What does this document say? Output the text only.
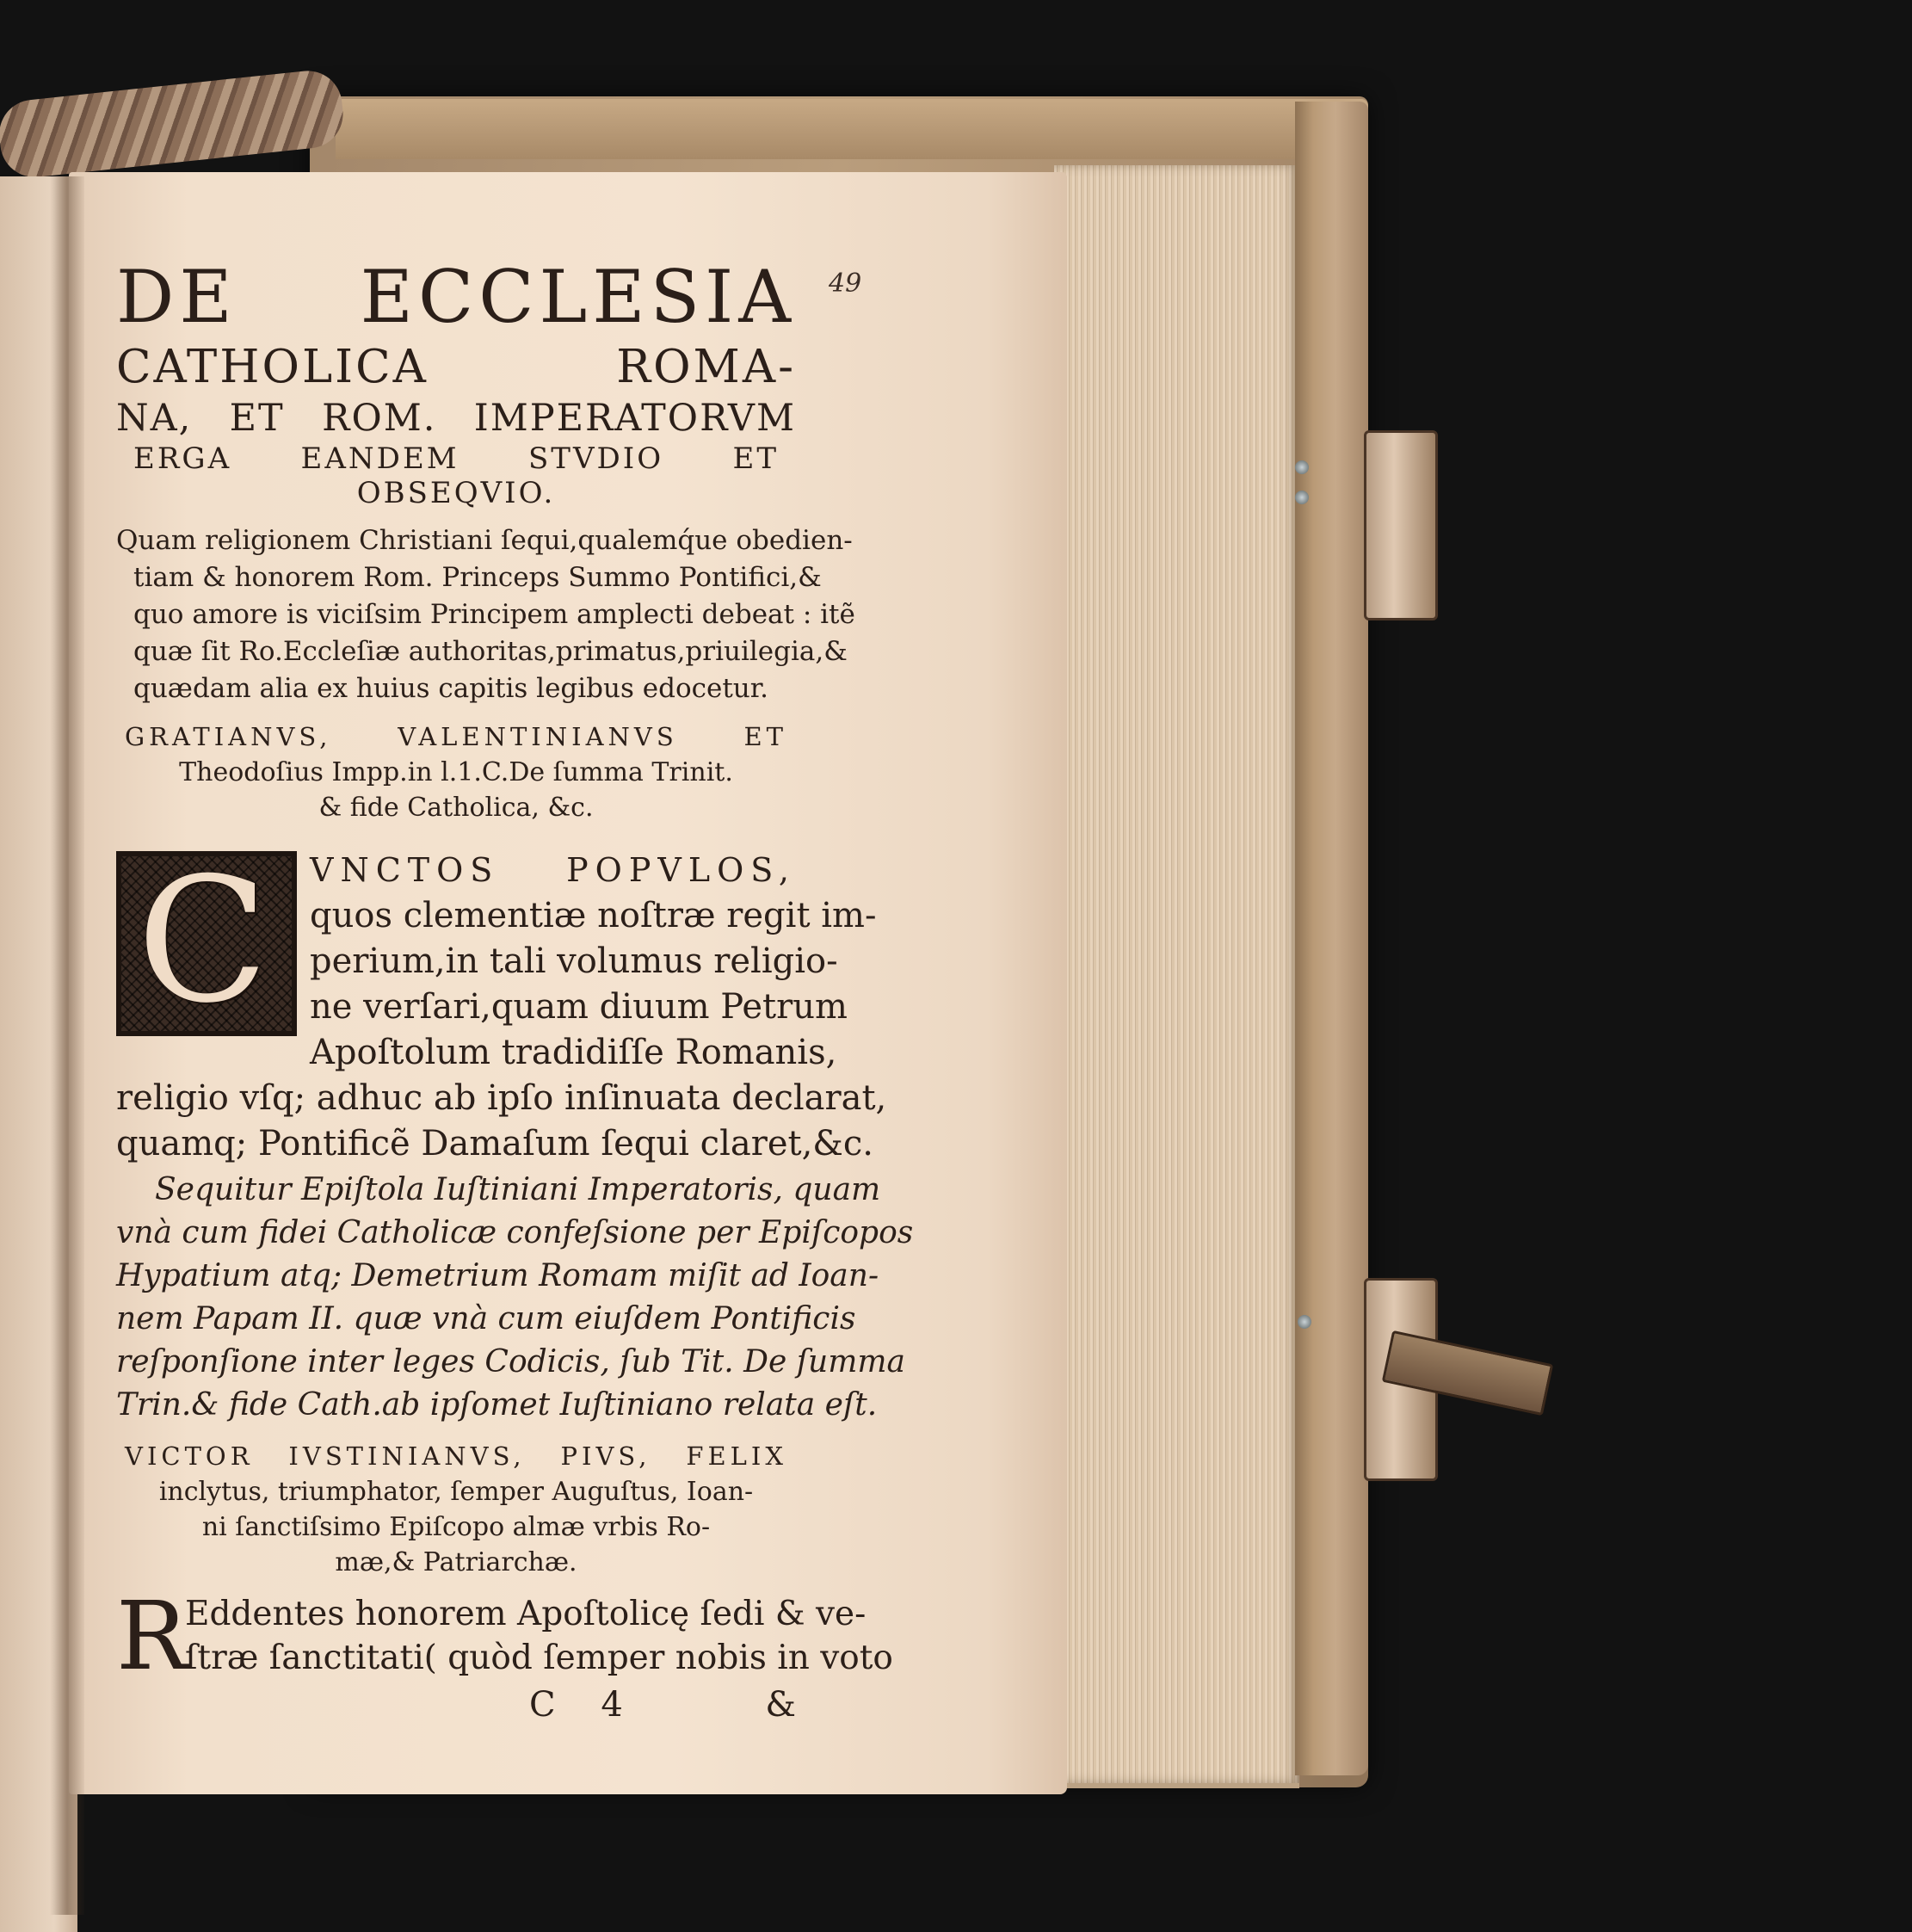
49
DE ECCLESIA
CATHOLICA ROMA-
NA, ET ROM. IMPERATORVM
ERGA EANDEM STVDIO ET
OBSEQVIO.
Quam religionem Christiani ſequi,qualemq́ue obedien-
tiam & honorem Rom. Princeps Summo Pontifici,&
quo amore is viciſsim Principem amplecti debeat : itẽ
quæ ſit Ro.Eccleſiæ authoritas,primatus,priuilegia,&
quædam alia ex huius capitis legibus edocetur.
GRATIANVS, VALENTINIANVS ET
Theodoſius Impp.in l.1.C.De ſumma Trinit.
& fide Catholica, &c.
C	VNCTOS POPVLOS,
quos clementiæ noſtræ regit im-
perium,in tali volumus religio-
ne verſari,quam diuum Petrum
Apoſtolum tradidiſſe Romanis,
religio vſq; adhuc ab ipſo inſinuata declarat,
quamq; Pontificẽ Damaſum ſequi claret,&c.
Sequitur Epiſtola Iuſtiniani Imperatoris, quam
vnà cum fidei Catholicæ confeſsione per Epiſcopos
Hypatium atq; Demetrium Romam miſit ad Ioan-
nem Papam II. quæ vnà cum eiuſdem Pontificis
reſponſione inter leges Codicis, ſub Tit. De ſumma
Trin.& fide Cath.ab ipſomet Iuſtiniano relata eſt.
VICTOR IVSTINIANVS, PIVS, FELIX
inclytus, triumphator, ſemper Auguſtus, Ioan-
ni ſanctiſsimo Epiſcopo almæ vrbis Ro-
mæ,& Patriarchæ.
R
Eddentes honorem Apoſtolicę ſedi & ve-
ſtræ ſanctitati( quòd ſemper nobis in voto
C 4	&
